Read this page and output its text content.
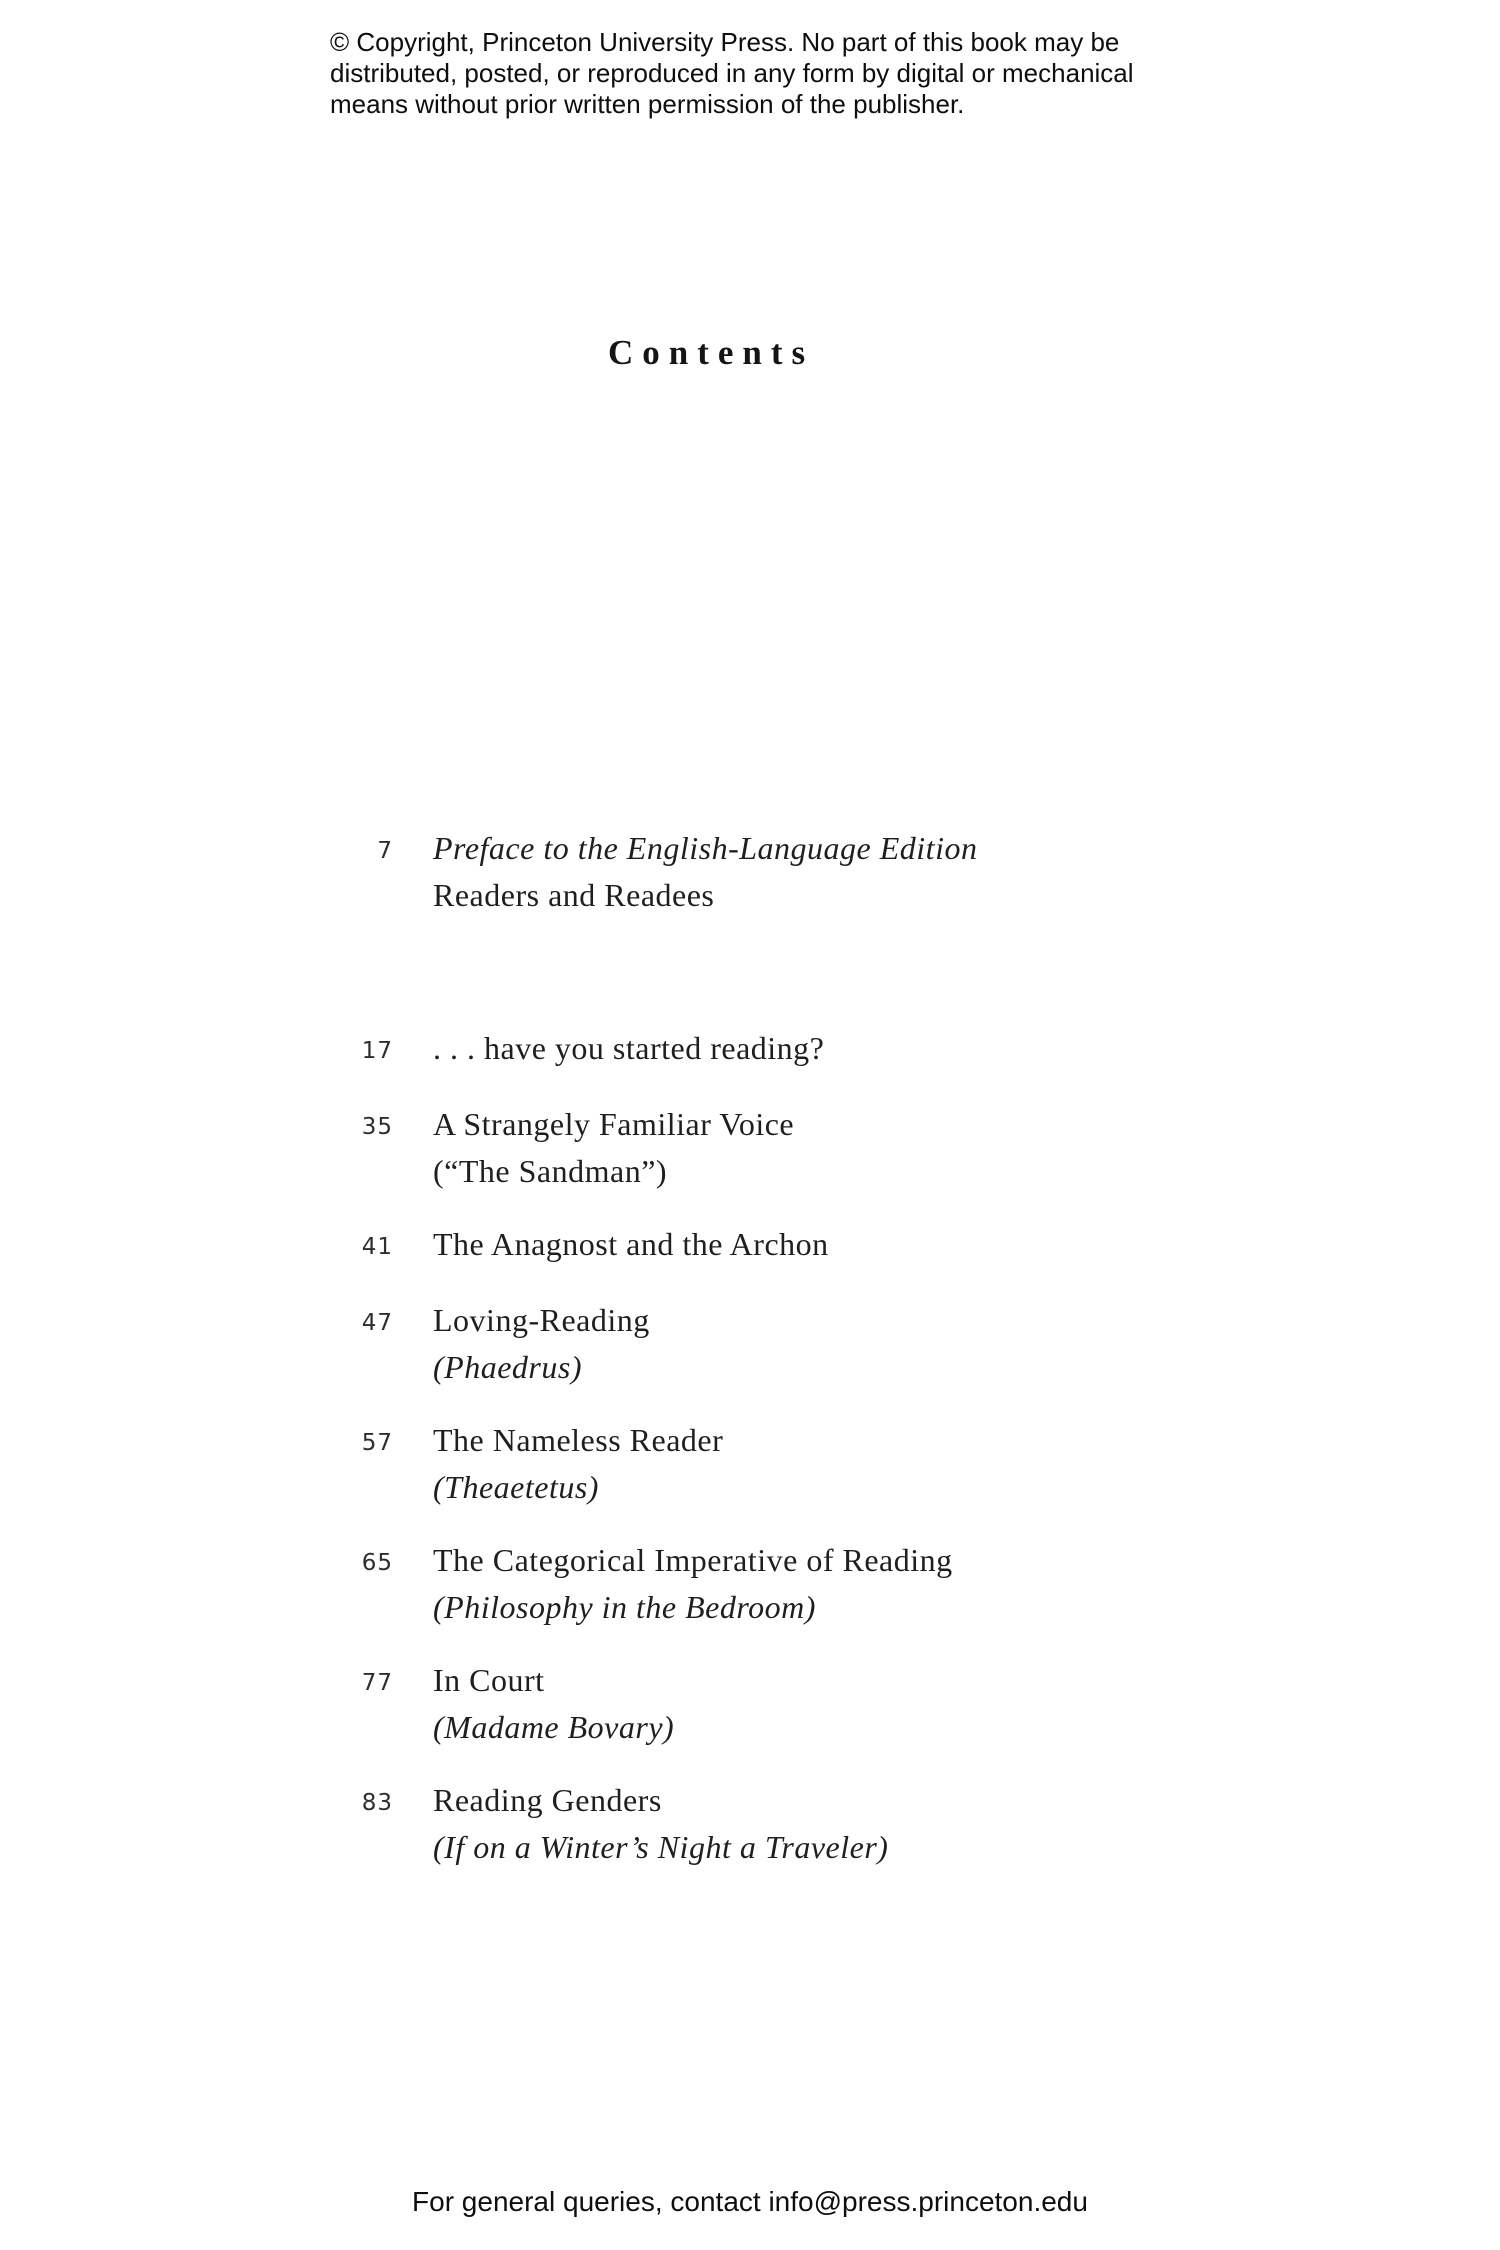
© Copyright, Princeton University Press. No part of this book may be
distributed, posted, or reproduced in any form by digital or mechanical
means without prior written permission of the publisher.
Contents
7 Preface to the English-Language Edition
Readers and Readees
17 . . . have you started reading?
35 A Strangely Familiar Voice
(“The Sandman”)
41 The Anagnost and the Archon
47 Loving-Reading
(Phaedrus)
57 The Nameless Reader
(Theaetetus)
65 The Categorical Imperative of Reading
(Philosophy in the Bedroom)
77 In Court
(Madame Bovary)
83 Reading Genders
(If on a Winter’s Night a Traveler)
For general queries, contact info@press.princeton.edu
